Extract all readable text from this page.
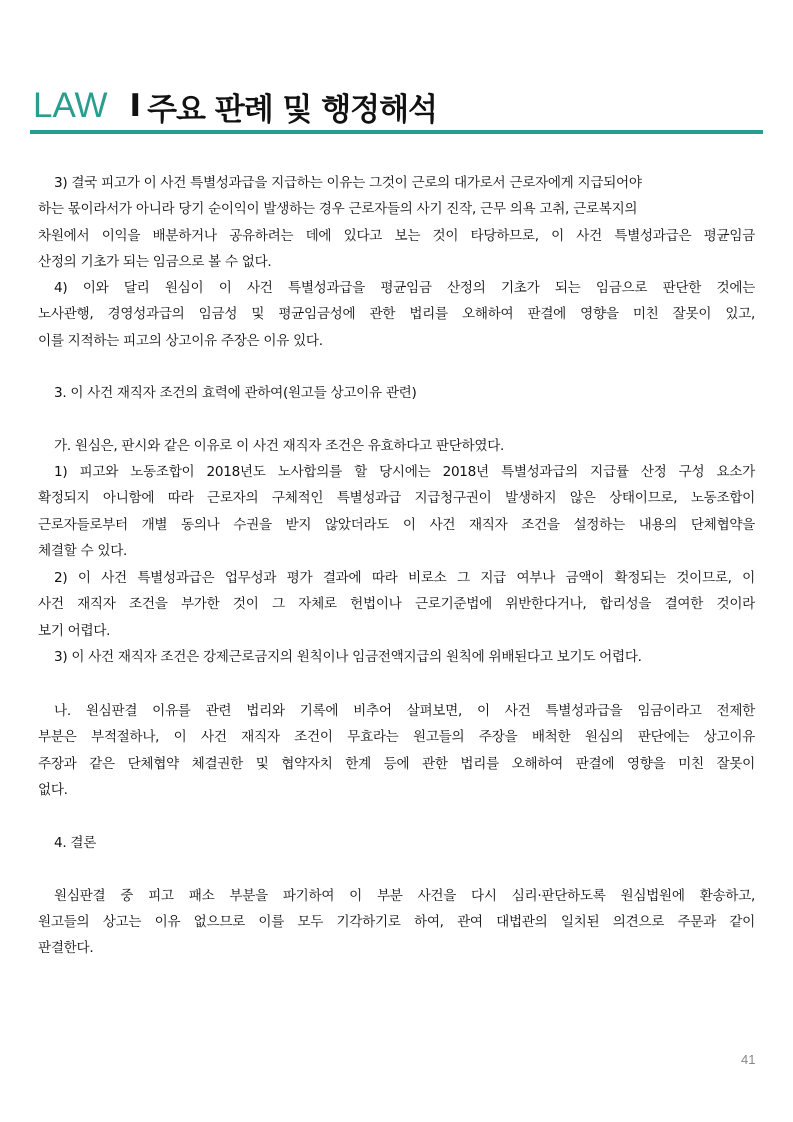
LAW I 주요 판례 및 행정해석
3) 결국 피고가 이 사건 특별성과급을 지급하는 이유는 그것이 근로의 대가로서 근로자에게 지급되어야
하는 몫이라서가 아니라 당기 순이익이 발생하는 경우 근로자들의 사기 진작, 근무 의욕 고취, 근로복지의
차원에서 이익을 배분하거나 공유하려는 데에 있다고 보는 것이 타당하므로, 이 사건 특별성과급은 평균임금
산정의 기초가 되는 임금으로 볼 수 없다.
4) 이와 달리 원심이 이 사건 특별성과급을 평균임금 산정의 기초가 되는 임금으로 판단한 것에는
노사관행, 경영성과급의 임금성 및 평균임금성에 관한 법리를 오해하여 판결에 영향을 미친 잘못이 있고,
이를 지적하는 피고의 상고이유 주장은 이유 있다.
3. 이 사건 재직자 조건의 효력에 관하여(원고들 상고이유 관련)
가. 원심은, 판시와 같은 이유로 이 사건 재직자 조건은 유효하다고 판단하였다.
1) 피고와 노동조합이 2018년도 노사합의를 할 당시에는 2018년 특별성과급의 지급률 산정 구성 요소가
확정되지 아니함에 따라 근로자의 구체적인 특별성과급 지급청구권이 발생하지 않은 상태이므로, 노동조합이
근로자들로부터 개별 동의나 수권을 받지 않았더라도 이 사건 재직자 조건을 설정하는 내용의 단체협약을
체결할 수 있다.
2) 이 사건 특별성과급은 업무성과 평가 결과에 따라 비로소 그 지급 여부나 금액이 확정되는 것이므로, 이
사건 재직자 조건을 부가한 것이 그 자체로 헌법이나 근로기준법에 위반한다거나, 합리성을 결여한 것이라
보기 어렵다.
3) 이 사건 재직자 조건은 강제근로금지의 원칙이나 임금전액지급의 원칙에 위배된다고 보기도 어렵다.
나. 원심판결 이유를 관련 법리와 기록에 비추어 살펴보면, 이 사건 특별성과급을 임금이라고 전제한
부분은 부적절하나, 이 사건 재직자 조건이 무효라는 원고들의 주장을 배척한 원심의 판단에는 상고이유
주장과 같은 단체협약 체결권한 및 협약자치 한계 등에 관한 법리를 오해하여 판결에 영향을 미친 잘못이
없다.
4. 결론
원심판결 중 피고 패소 부분을 파기하여 이 부분 사건을 다시 심리·판단하도록 원심법원에 환송하고,
원고들의 상고는 이유 없으므로 이를 모두 기각하기로 하여, 관여 대법관의 일치된 의견으로 주문과 같이
판결한다.
41
